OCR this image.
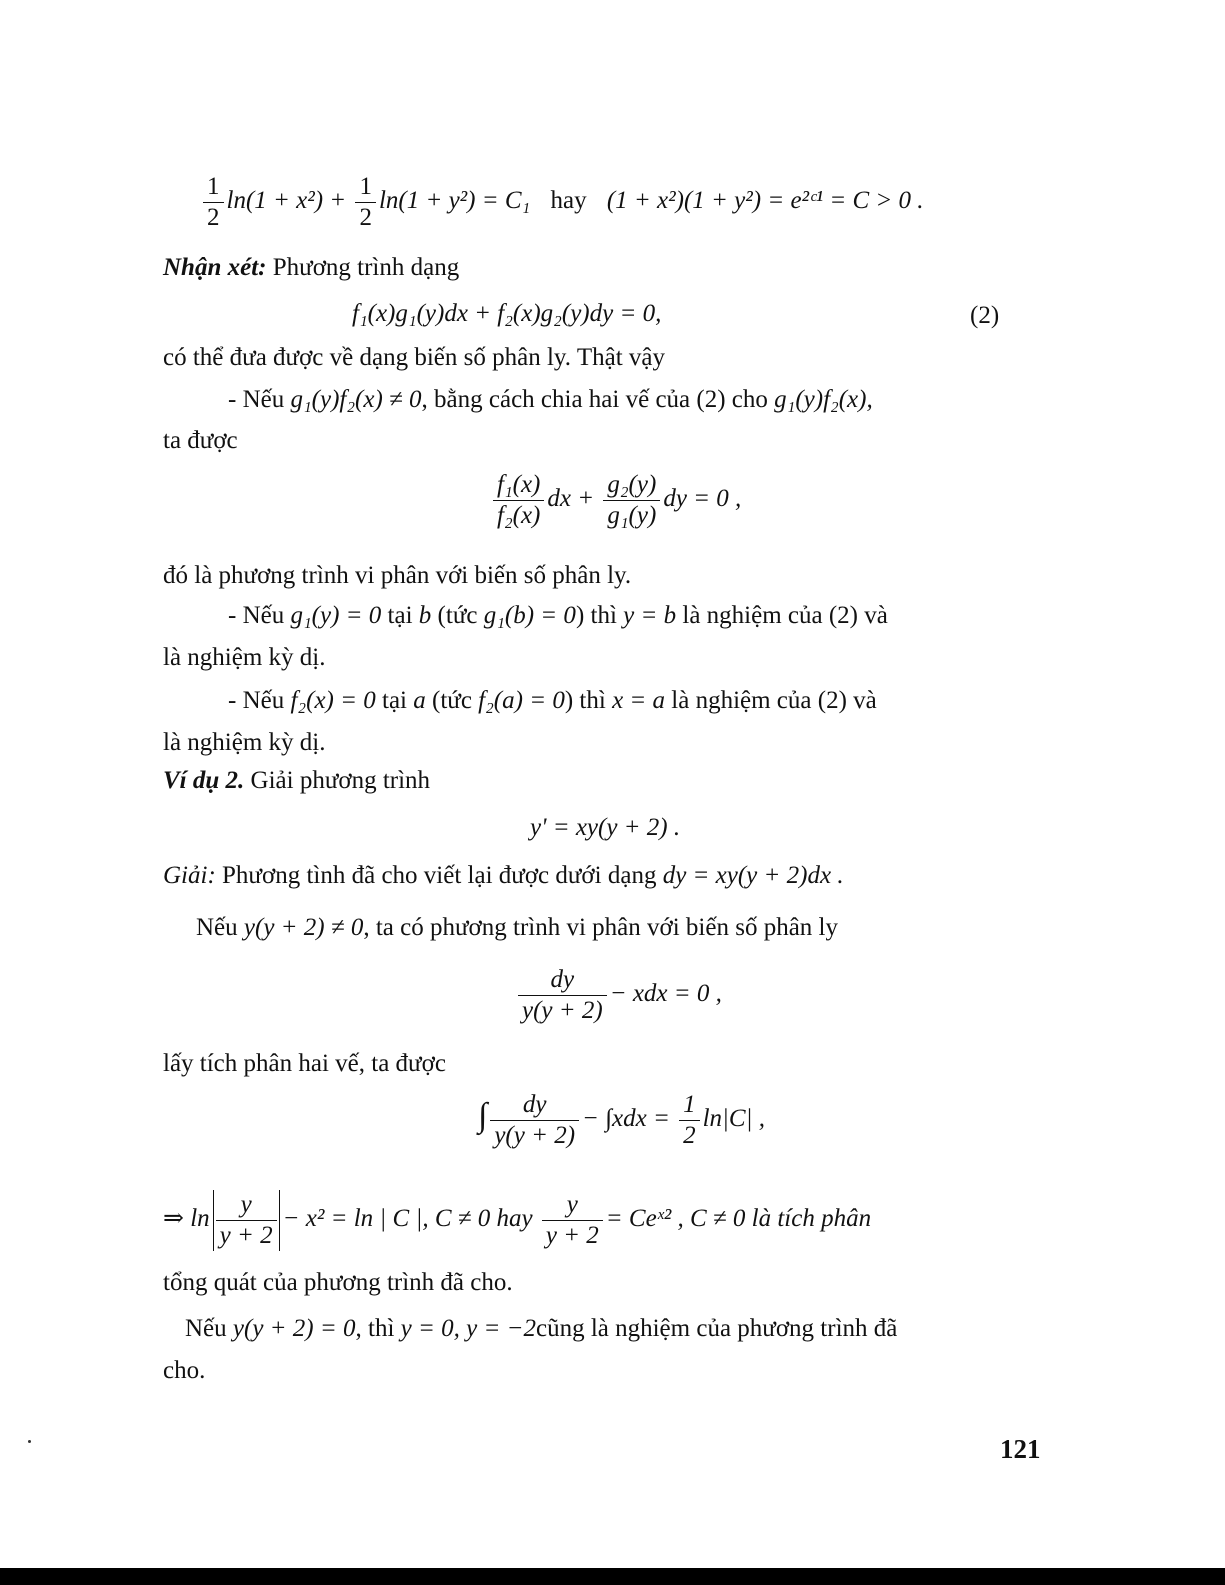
$\frac{1}{2} \ln(1 + x^2) + \frac{1}{2} \ln(1 + y^2) = C_1$ hay (1 + x²)(1 + y²) = e²ᶜ¹ = C > 0 .
Nhận xét: Phương trình dạng
f₁(x)g₁(y)dx + f₂(x)g₂(y)dy = 0,	(2)
có thể đưa được về dạng biến số phân ly. Thật vậy
- Nếu g₁(y)f₂(x) ≠ 0, bằng cách chia hai vế của (2) cho g₁(y)f₂(x),
ta được
$\frac{\text{f₁(x)}}{\text{f₂(x)}}$ dx + $\frac{\text{g₂(y)}}{\text{g₁(y)}}$ dy = 0 ,
đó là phương trình vi phân với biến số phân ly.
- Nếu g₁(y) = 0 tại b (tức g₁(b) = 0) thì y = b là nghiệm của (2) và
là nghiệm kỳ dị.
- Nếu f₂(x) = 0 tại a (tức f₂(a) = 0) thì x = a là nghiệm của (2) và
là nghiệm kỳ dị.
Ví dụ 2. Giải phương trình
y' = xy(y + 2) .
Giải: Phương tình đã cho viết lại được dưới dạng dy = xy(y + 2)dx .
Nếu y(y + 2) ≠ 0, ta có phương trình vi phân với biến số phân ly
$\frac{dy}{y(y + 2)}$ − xdx = 0 ,
lấy tích phân hai vế, ta được
∫ $\frac{dy}{y(y + 2)} - \int xdx = \frac{1}{2} \ln|C|$ ,
⇒ $\ln \frac{y}{y + 2} - x^2 = \ln$ | C |, C ≠ 0 hay $\frac{y}{y + 2}$ = Ceˣ² , C ≠ 0 là tích phân
tổng quát của phương trình đã cho.
Nếu y(y + 2) = 0, thì y = 0, y = −2cũng là nghiệm của phương trình đã
cho.
121
